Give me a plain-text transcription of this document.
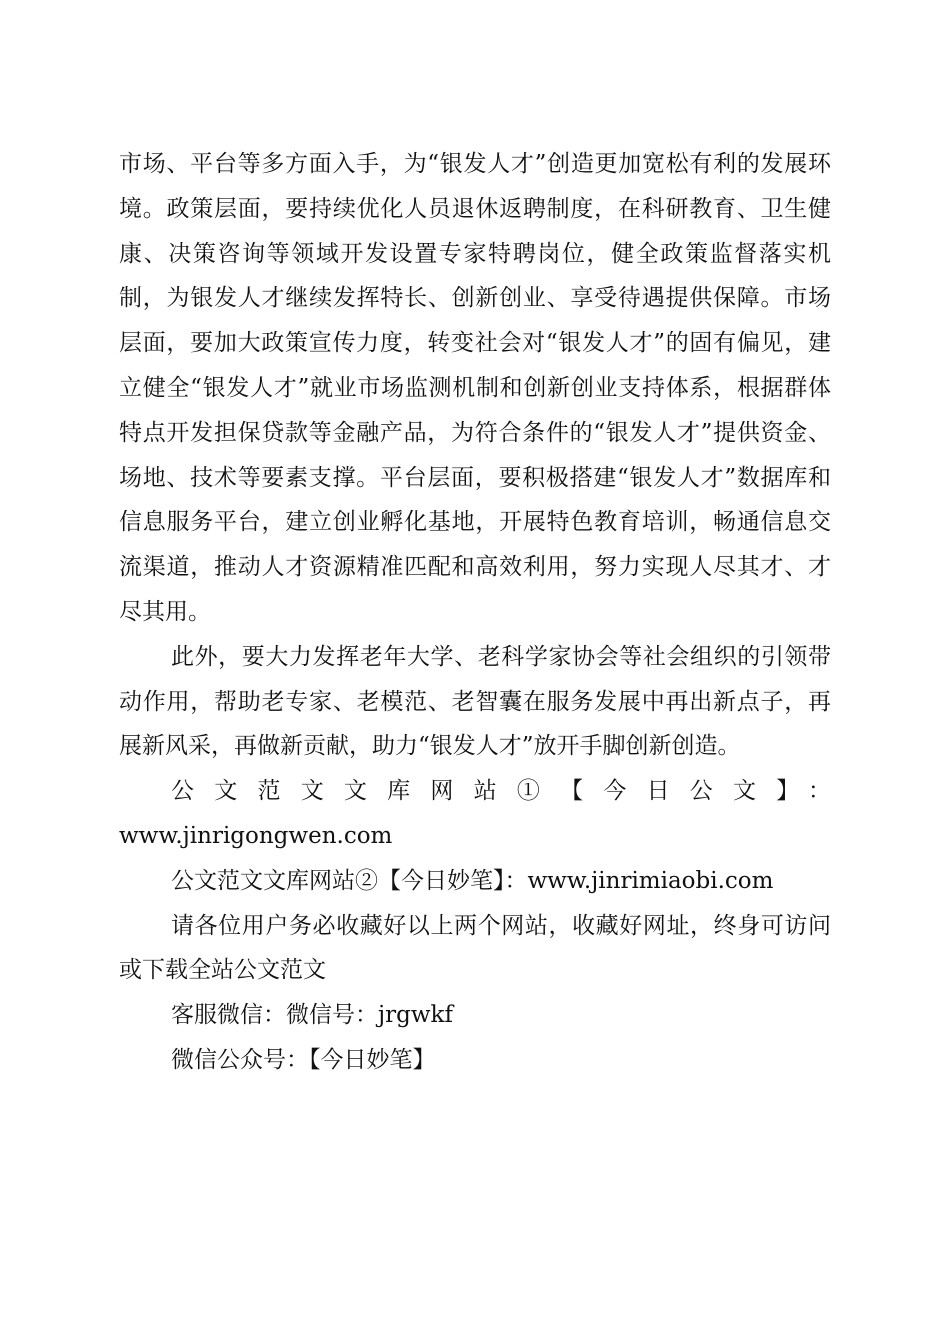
市场、平台等多方面入手，为“银发人才”创造更加宽松有利的发展环境。政策层面，要持续优化人员退休返聘制度，在科研教育、卫生健康、决策咨询等领域开发设置专家特聘岗位，健全政策监督落实机制，为银发人才继续发挥特长、创新创业、享受待遇提供保障。市场层面，要加大政策宣传力度，转变社会对“银发人才”的固有偏见，建立健全“银发人才”就业市场监测机制和创新创业支持体系，根据群体特点开发担保贷款等金融产品，为符合条件的“银发人才”提供资金、场地、技术等要素支撑。平台层面，要积极搭建“银发人才”数据库和信息服务平台，建立创业孵化基地，开展特色教育培训，畅通信息交流渠道，推动人才资源精准匹配和高效利用，努力实现人尽其才、才尽其用。

此外，要大力发挥老年大学、老科学家协会等社会组织的引领带动作用，帮助老专家、老模范、老智囊在服务发展中再出新点子，再展新风采，再做新贡献，助力“银发人才”放开手脚创新创造。

公文范文文库网站①【今日公文】：

www.jinrigongwen.com

公文范文文库网站②【今日妙笔】：www.jinrimiaobi.com

请各位用户务必收藏好以上两个网站，收藏好网址，终身可访问或下载全站公文范文

客服微信：微信号：jrgwkf

微信公众号：【今日妙笔】
